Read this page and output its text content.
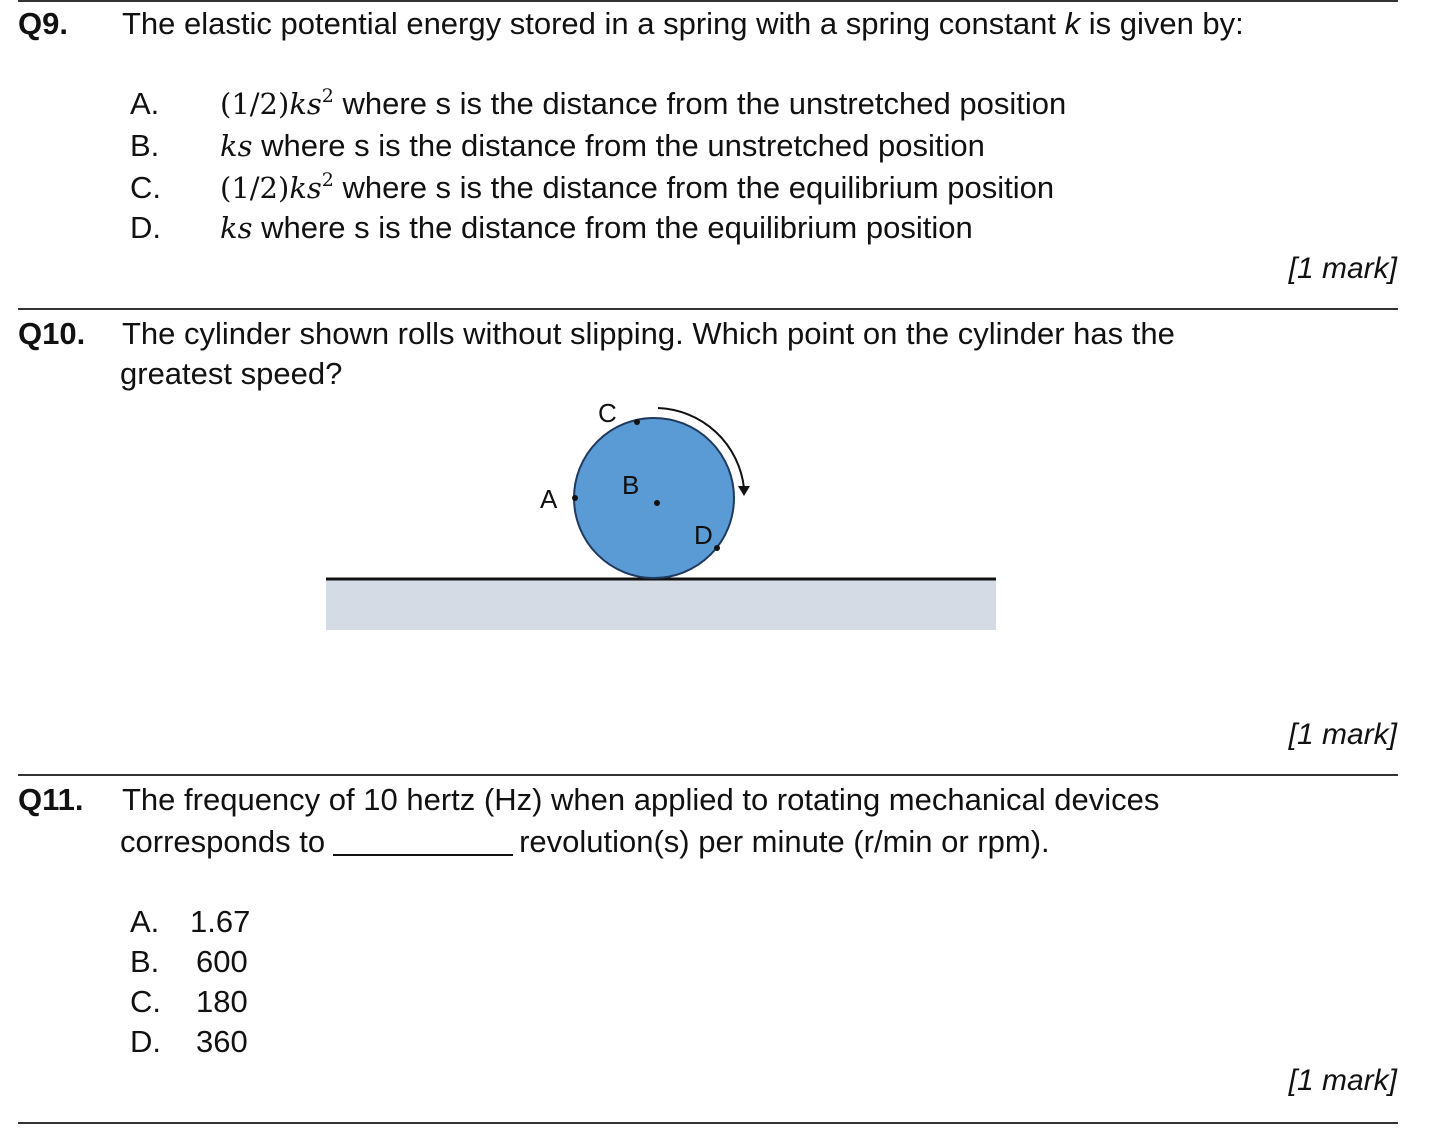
Q9. The elastic potential energy stored in a spring with a spring constant k is given by:
A. $(1/2)ks^2$ where s is the distance from the unstretched position
B. ks where s is the distance from the unstretched position
C. $(1/2)ks^2$ where s is the distance from the equilibrium position
D. ks where s is the distance from the equilibrium position
[1 mark]
Q10. The cylinder shown rolls without slipping. Which point on the cylinder has the
greatest speed?
C
A B
D
[1 mark]
Q11. The frequency of 10 hertz (Hz) when applied to rotating mechanical devices
corresponds to	revolution(s) per minute (r/min or rpm).
A. 1.67
B. 600
C. 180
D. 360
[1 mark]
